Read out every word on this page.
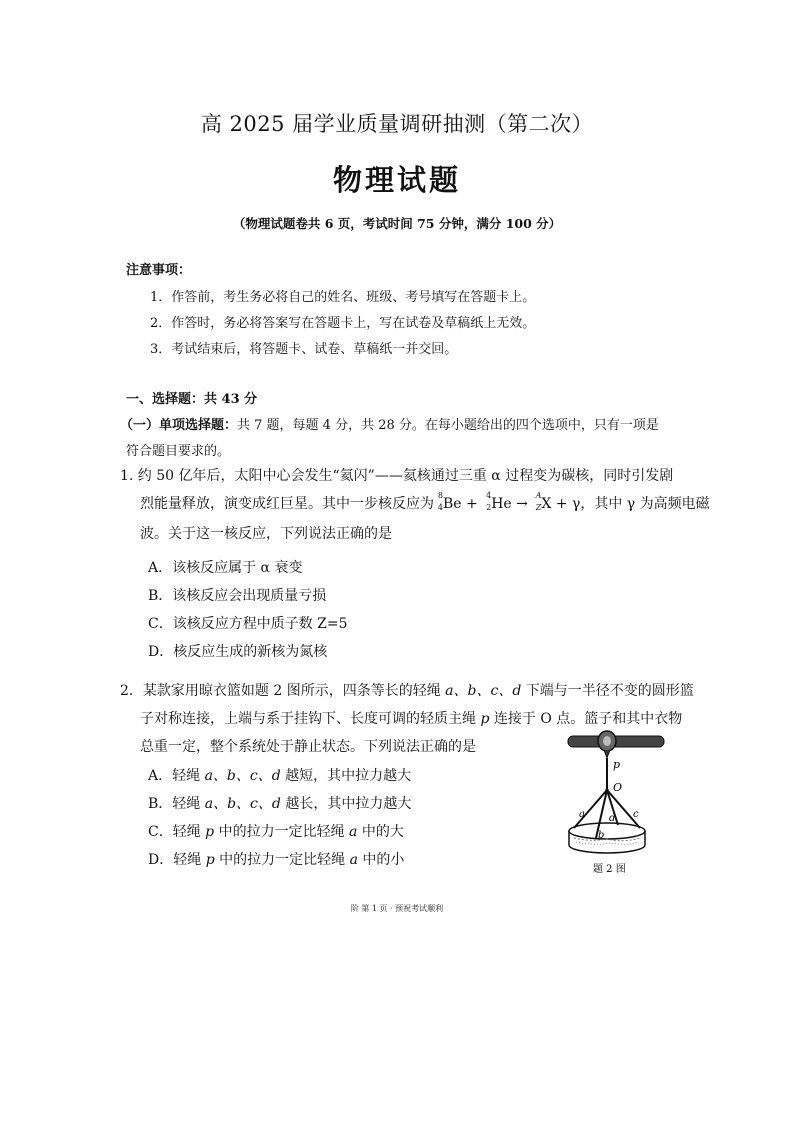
高 2025 届学业质量调研抽测（第二次）
物理试题
（物理试题卷共 6 页，考试时间 75 分钟，满分 100 分）
注意事项：
1．作答前，考生务必将自己的姓名、班级、考号填写在答题卡上。
2．作答时，务必将答案写在答题卡上，写在试卷及草稿纸上无效。
3．考试结束后，将答题卡、试卷、草稿纸一并交回。
一、选择题：共 43 分
（一）单项选择题：共 7 题，每题 4 分，共 28 分。在每小题给出的四个选项中，只有一项是
符合题目要求的。
1. 约 50 亿年后，太阳中心会发生“氦闪”——氦核通过三重 α 过程变为碳核，同时引发剧
烈能量释放，演变成红巨星。其中一步核反应为
8
4 Be +
4
2 He →
A
Z X + γ，其中 γ 为高频电磁
波。关于这一核反应，下列说法正确的是
A．该核反应属于 α 衰变
B．该核反应会出现质量亏损
C．该核反应方程中质子数 Z=5
D．核反应生成的新核为氮核
2．某款家用晾衣篮如题 2 图所示，四条等长的轻绳 a、b、c、d 下端与一半径不变的圆形篮
子对称连接，上端与系于挂钩下、长度可调的轻质主绳 p 连接于 O 点。篮子和其中衣物
总重一定，整个系统处于静止状态。下列说法正确的是
A．轻绳 a、b、c、d 越短，其中拉力越大
B．轻绳 a、b、c、d 越长，其中拉力越大
C．轻绳 p 中的拉力一定比轻绳 a 中的大
D．轻绳 p 中的拉力一定比轻绳 a 中的小
p
O
a	c
d
b
题 2 图
阶 第 1 页 · 预祝考试顺利
